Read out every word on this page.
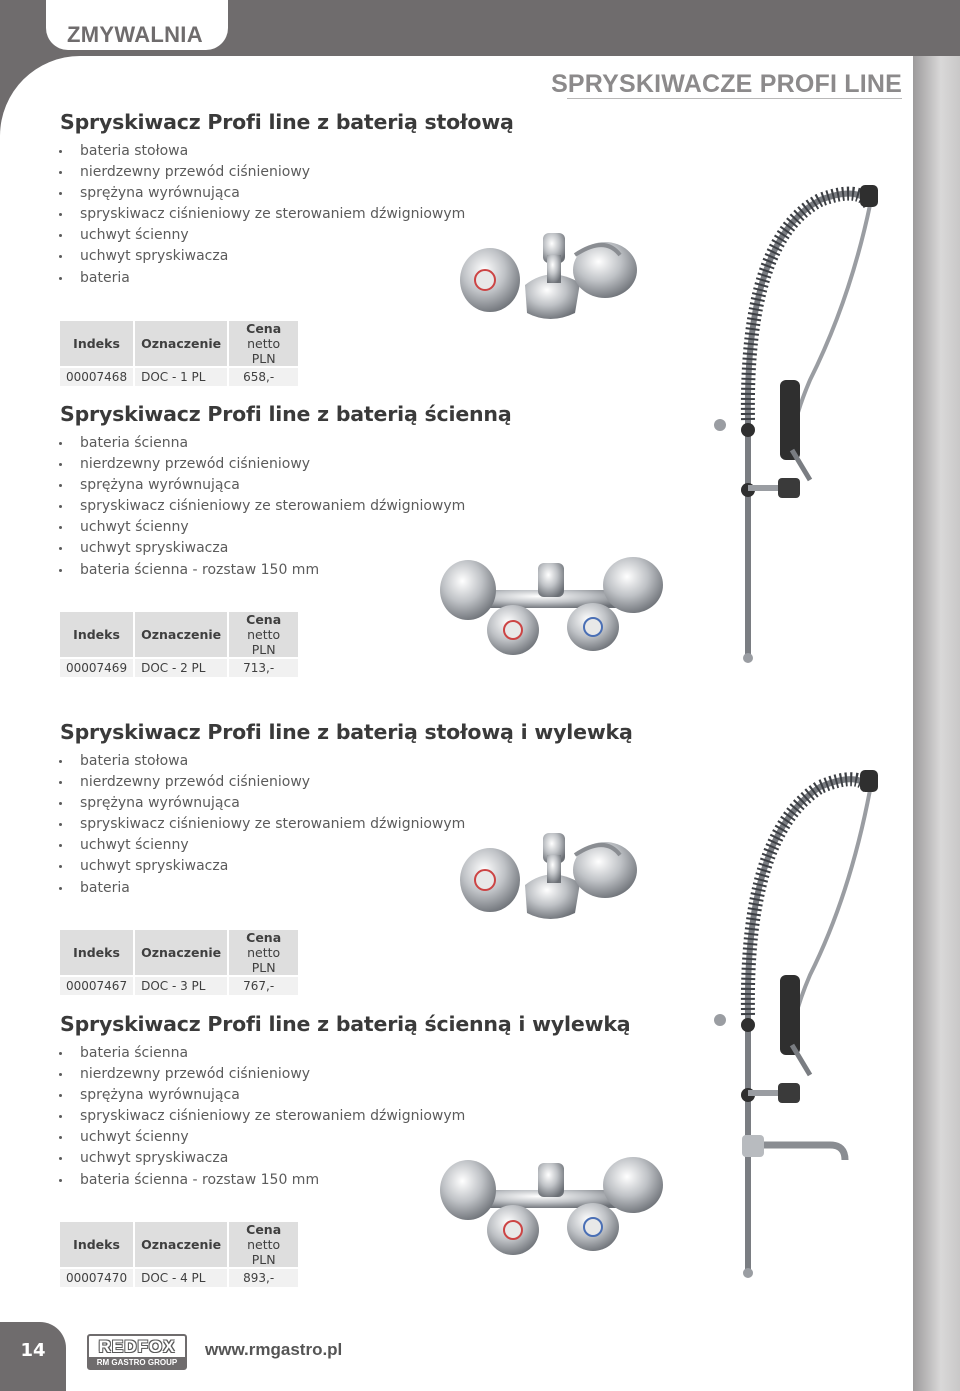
ZMYWALNIA
SPRYSKIWACZE PROFI LINE
Spryskiwacz Profi line z baterią stołową
bateria stołowa
nierdzewny przewód ciśnieniowy
sprężyna wyrównująca
spryskiwacz ciśnieniowy ze sterowaniem dźwigniowym
uchwyt ścienny
uchwyt spryskiwacza
bateria
Indeks	Oznaczenie	Cena
netto PLN

00007468	DOC - 1 PL	658,-
Spryskiwacz Profi line z baterią ścienną
bateria ścienna
nierdzewny przewód ciśnieniowy
sprężyna wyrównująca
spryskiwacz ciśnieniowy ze sterowaniem dźwigniowym
uchwyt ścienny
uchwyt spryskiwacza
bateria ścienna - rozstaw 150 mm
Indeks	Oznaczenie	Cena
netto PLN

00007469	DOC - 2 PL	713,-
Spryskiwacz Profi line z baterią stołową i wylewką
bateria stołowa
nierdzewny przewód ciśnieniowy
sprężyna wyrównująca
spryskiwacz ciśnieniowy ze sterowaniem dźwigniowym
uchwyt ścienny
uchwyt spryskiwacza
bateria
Indeks	Oznaczenie	Cena
netto PLN

00007467	DOC - 3 PL	767,-
Spryskiwacz Profi line z baterią ścienną i wylewką
bateria ścienna
nierdzewny przewód ciśnieniowy
sprężyna wyrównująca
spryskiwacz ciśnieniowy ze sterowaniem dźwigniowym
uchwyt ścienny
uchwyt spryskiwacza
bateria ścienna - rozstaw 150 mm
Indeks	Oznaczenie	Cena
netto PLN

00007470	DOC - 4 PL	893,-
14	REDFOX
RM GASTRO GROUP
www.rmgastro.pl
